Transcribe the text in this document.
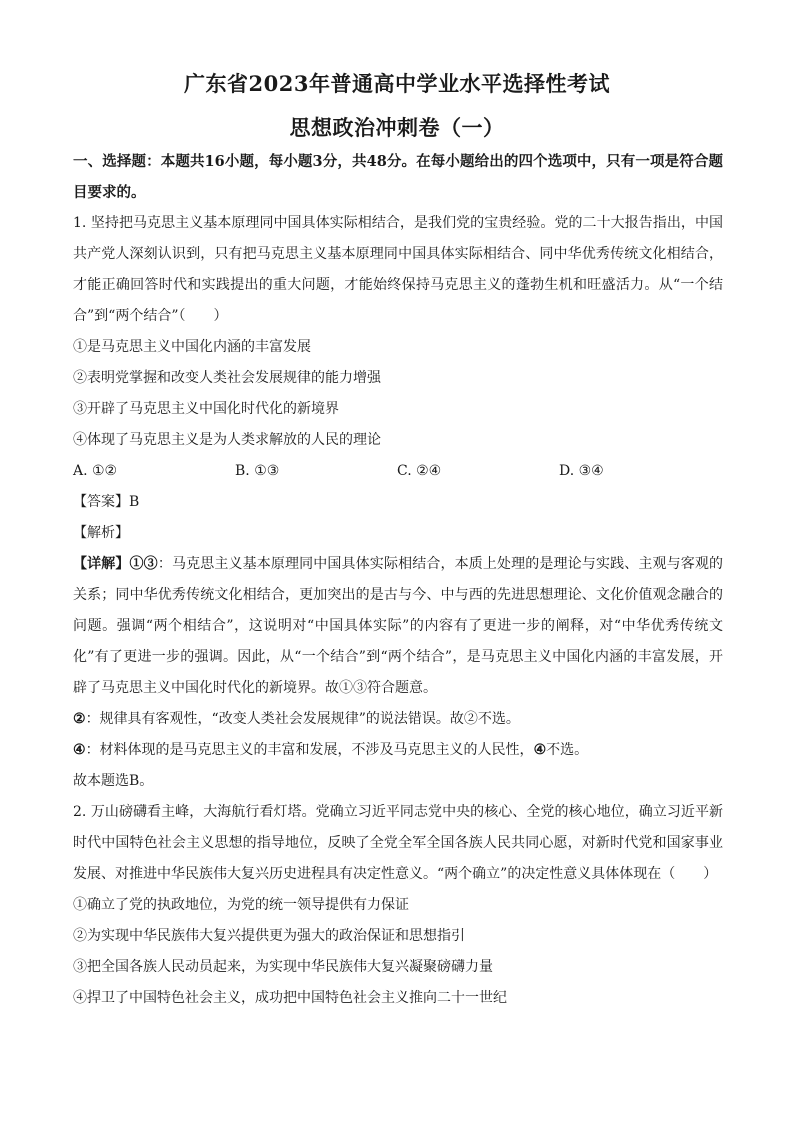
广东省2023年普通高中学业水平选择性考试
思想政治冲刺卷（一）

一、选择题：本题共16小题，每小题3分，共48分。在每小题给出的四个选项中，只有一项是符合题目要求的。

1. 坚持把马克思主义基本原理同中国具体实际相结合，是我们党的宝贵经验。党的二十大报告指出，中国共产党人深刻认识到，只有把马克思主义基本原理同中国具体实际相结合、同中华优秀传统文化相结合，才能正确回答时代和实践提出的重大问题，才能始终保持马克思主义的蓬勃生机和旺盛活力。从“一个结合”到“两个结合”（　　）

①是马克思主义中国化内涵的丰富发展

②表明党掌握和改变人类社会发展规律的能力增强

③开辟了马克思主义中国化时代化的新境界

④体现了马克思主义是为人类求解放的人民的理论

A. ①②	B. ①③	C. ②④	D. ③④

【答案】B

【解析】

【详解】①③：马克思主义基本原理同中国具体实际相结合，本质上处理的是理论与实践、主观与客观的关系；同中华优秀传统文化相结合，更加突出的是古与今、中与西的先进思想理论、文化价值观念融合的问题。强调“两个相结合”，这说明对“中国具体实际”的内容有了更进一步的阐释，对“中华优秀传统文化”有了更进一步的强调。因此，从“一个结合”到“两个结合”，是马克思主义中国化内涵的丰富发展，开辟了马克思主义中国化时代化的新境界。故①③符合题意。

②：规律具有客观性，“改变人类社会发展规律”的说法错误。故②不选。

④：材料体现的是马克思主义的丰富和发展，不涉及马克思主义的人民性，④不选。

故本题选B。

2. 万山磅礴看主峰，大海航行看灯塔。党确立习近平同志党中央的核心、全党的核心地位，确立习近平新时代中国特色社会主义思想的指导地位，反映了全党全军全国各族人民共同心愿，对新时代党和国家事业发展、对推进中华民族伟大复兴历史进程具有决定性意义。“两个确立”的决定性意义具体体现在（　　）

①确立了党的执政地位，为党的统一领导提供有力保证

②为实现中华民族伟大复兴提供更为强大的政治保证和思想指引

③把全国各族人民动员起来，为实现中华民族伟大复兴凝聚磅礴力量

④捍卫了中国特色社会主义，成功把中国特色社会主义推向二十一世纪
